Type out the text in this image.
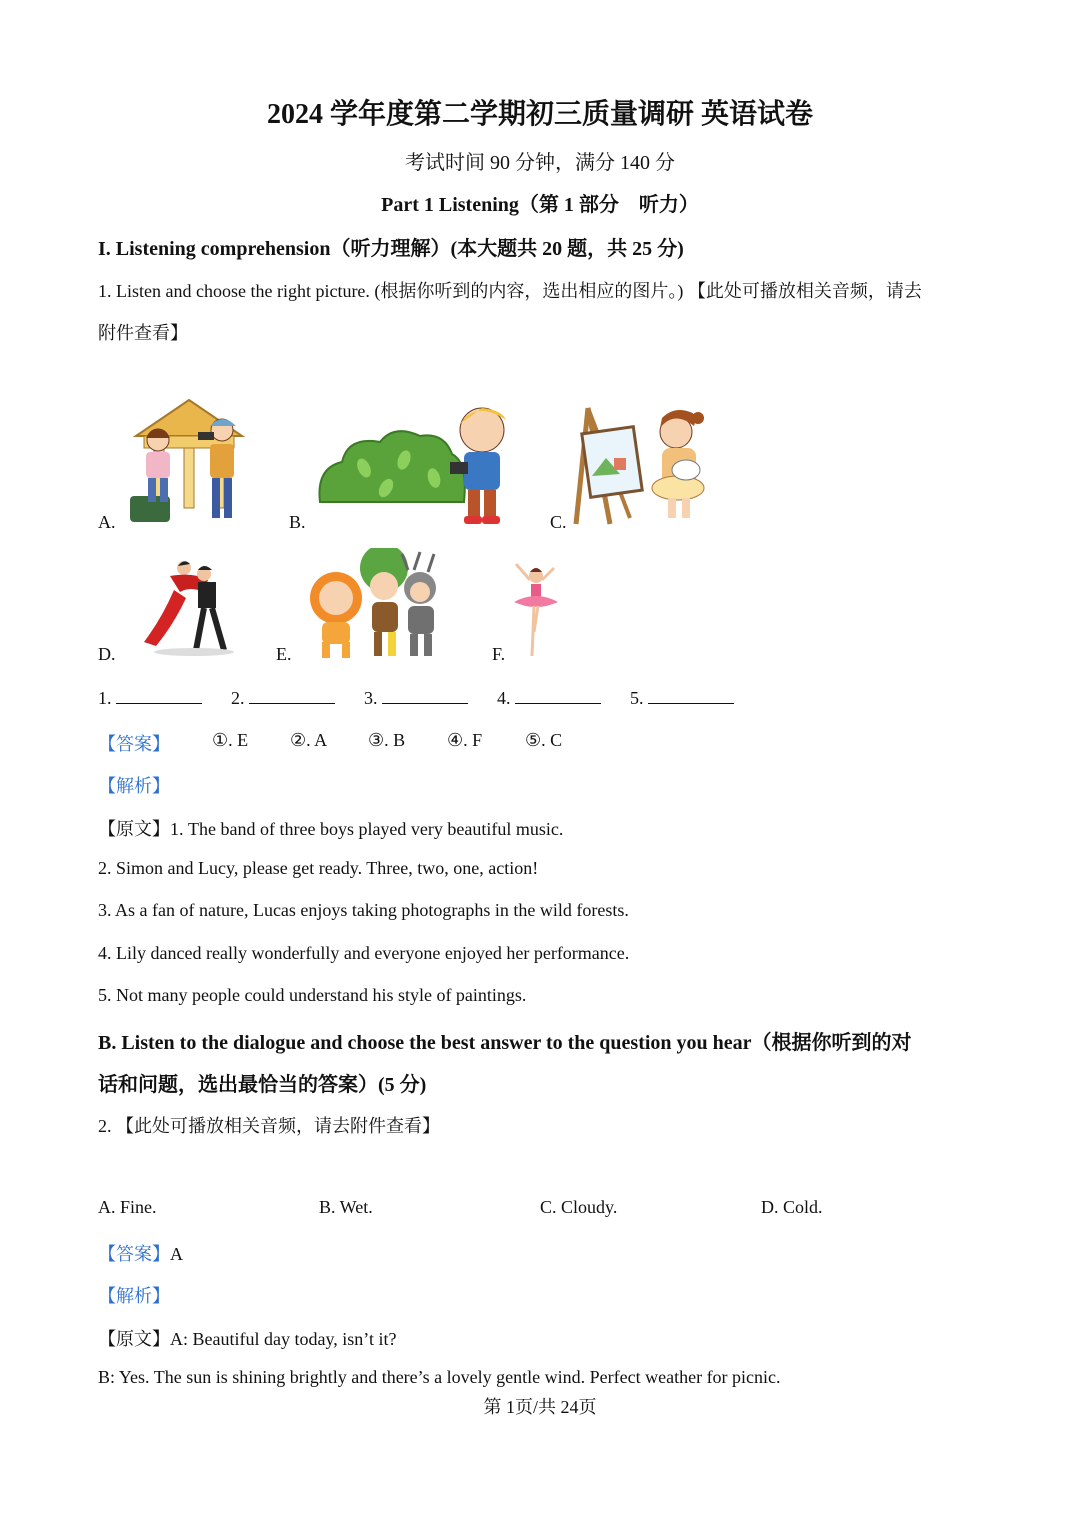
2024 学年度第二学期初三质量调研 英语试卷
考试时间 90 分钟，满分 140 分
Part 1 Listening（第 1 部分　听力）
I. Listening comprehension（听力理解）(本大题共 20 题，共 25 分)
1. Listen and choose the right picture. (根据你听到的内容，选出相应的图片。) 【此处可播放相关音频，请去
附件查看】
A.	B.	C.
D.	E.	F.
1.	2.	3.	4.	5.
【答案】 ①. E ②. A ③. B ④. F ⑤. C
【解析】
【原文】1. The band of three boys played very beautiful music.
2. Simon and Lucy, please get ready. Three, two, one, action!
3. As a fan of nature, Lucas enjoys taking photographs in the wild forests.
4. Lily danced really wonderfully and everyone enjoyed her performance.
5. Not many people could understand his style of paintings.
B. Listen to the dialogue and choose the best answer to the question you hear（根据你听到的对
话和问题，选出最恰当的答案）(5 分)
2. 【此处可播放相关音频，请去附件查看】
A. Fine.	B. Wet.	C. Cloudy.	D. Cold.
【答案】A
【解析】
【原文】A: Beautiful day today, isn’t it?
B: Yes. The sun is shining brightly and there’s a lovely gentle wind. Perfect weather for picnic.
第 1页/共 24页
